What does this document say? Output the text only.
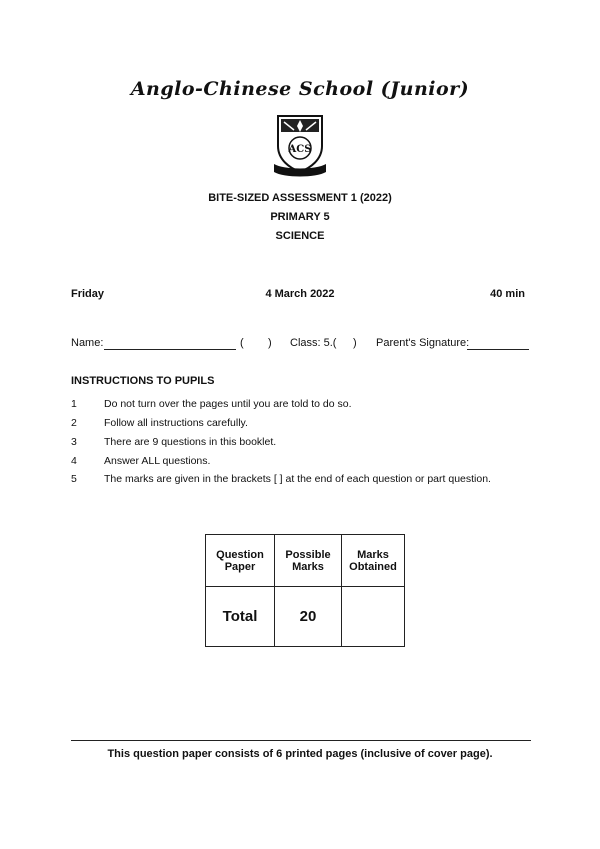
Anglo-Chinese School (Junior)
ACS
BITE-SIZED ASSESSMENT 1 (2022)
PRIMARY 5
SCIENCE
Friday	4 March 2022	40 min
Name:	( ) Class: 5.( ) Parent's Signature:
INSTRUCTIONS TO PUPILS
1	Do not turn over the pages until you are told to do so.
2	Follow all instructions carefully.
3	There are 9 questions in this booklet.
4	Answer ALL questions.
5	The marks are given in the brackets [ ] at the end of each question or part question.
Question Paper	Possible Marks	Marks Obtained
Total	20	
This question paper consists of 6 printed pages (inclusive of cover page).
